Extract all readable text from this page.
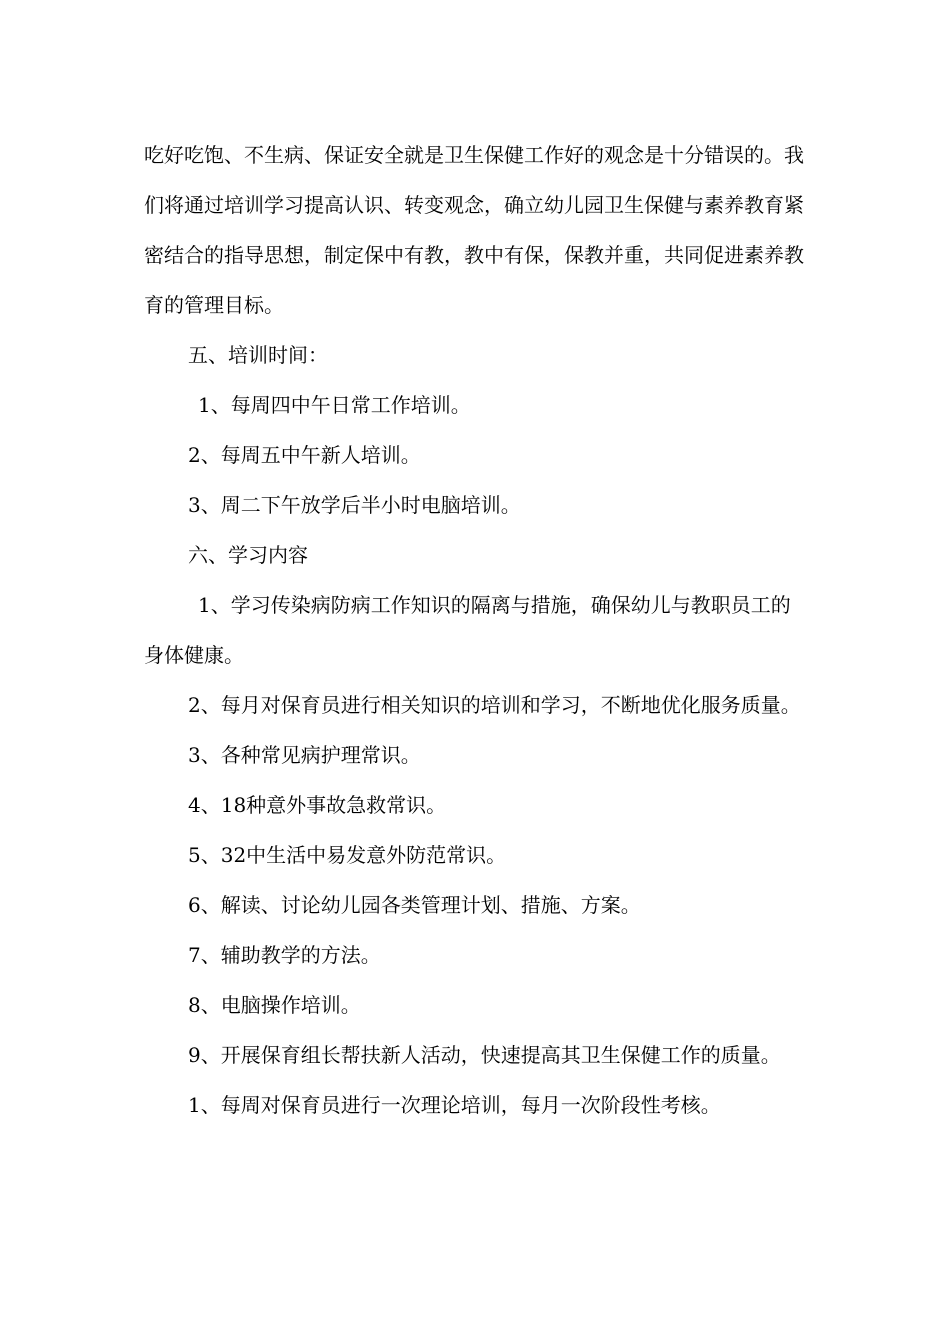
吃好吃饱、不生病、保证安全就是卫生保健工作好的观念是十分错误的。我们将通过培训学习提高认识、转变观念，确立幼儿园卫生保健与素养教育紧密结合的指导思想，制定保中有教，教中有保，保教并重，共同促进素养教育的管理目标。

五、培训时间：

1、每周四中午日常工作培训。

2、每周五中午新人培训。

3、周二下午放学后半小时电脑培训。

六、学习内容

1、学习传染病防病工作知识的隔离与措施，确保幼儿与教职员工的身体健康。

2、每月对保育员进行相关知识的培训和学习，不断地优化服务质量。

3、各种常见病护理常识。

4、18种意外事故急救常识。

5、32中生活中易发意外防范常识。

6、解读、讨论幼儿园各类管理计划、措施、方案。

7、辅助教学的方法。

8、电脑操作培训。

9、开展保育组长帮扶新人活动，快速提高其卫生保健工作的质量。

1、每周对保育员进行一次理论培训，每月一次阶段性考核。
